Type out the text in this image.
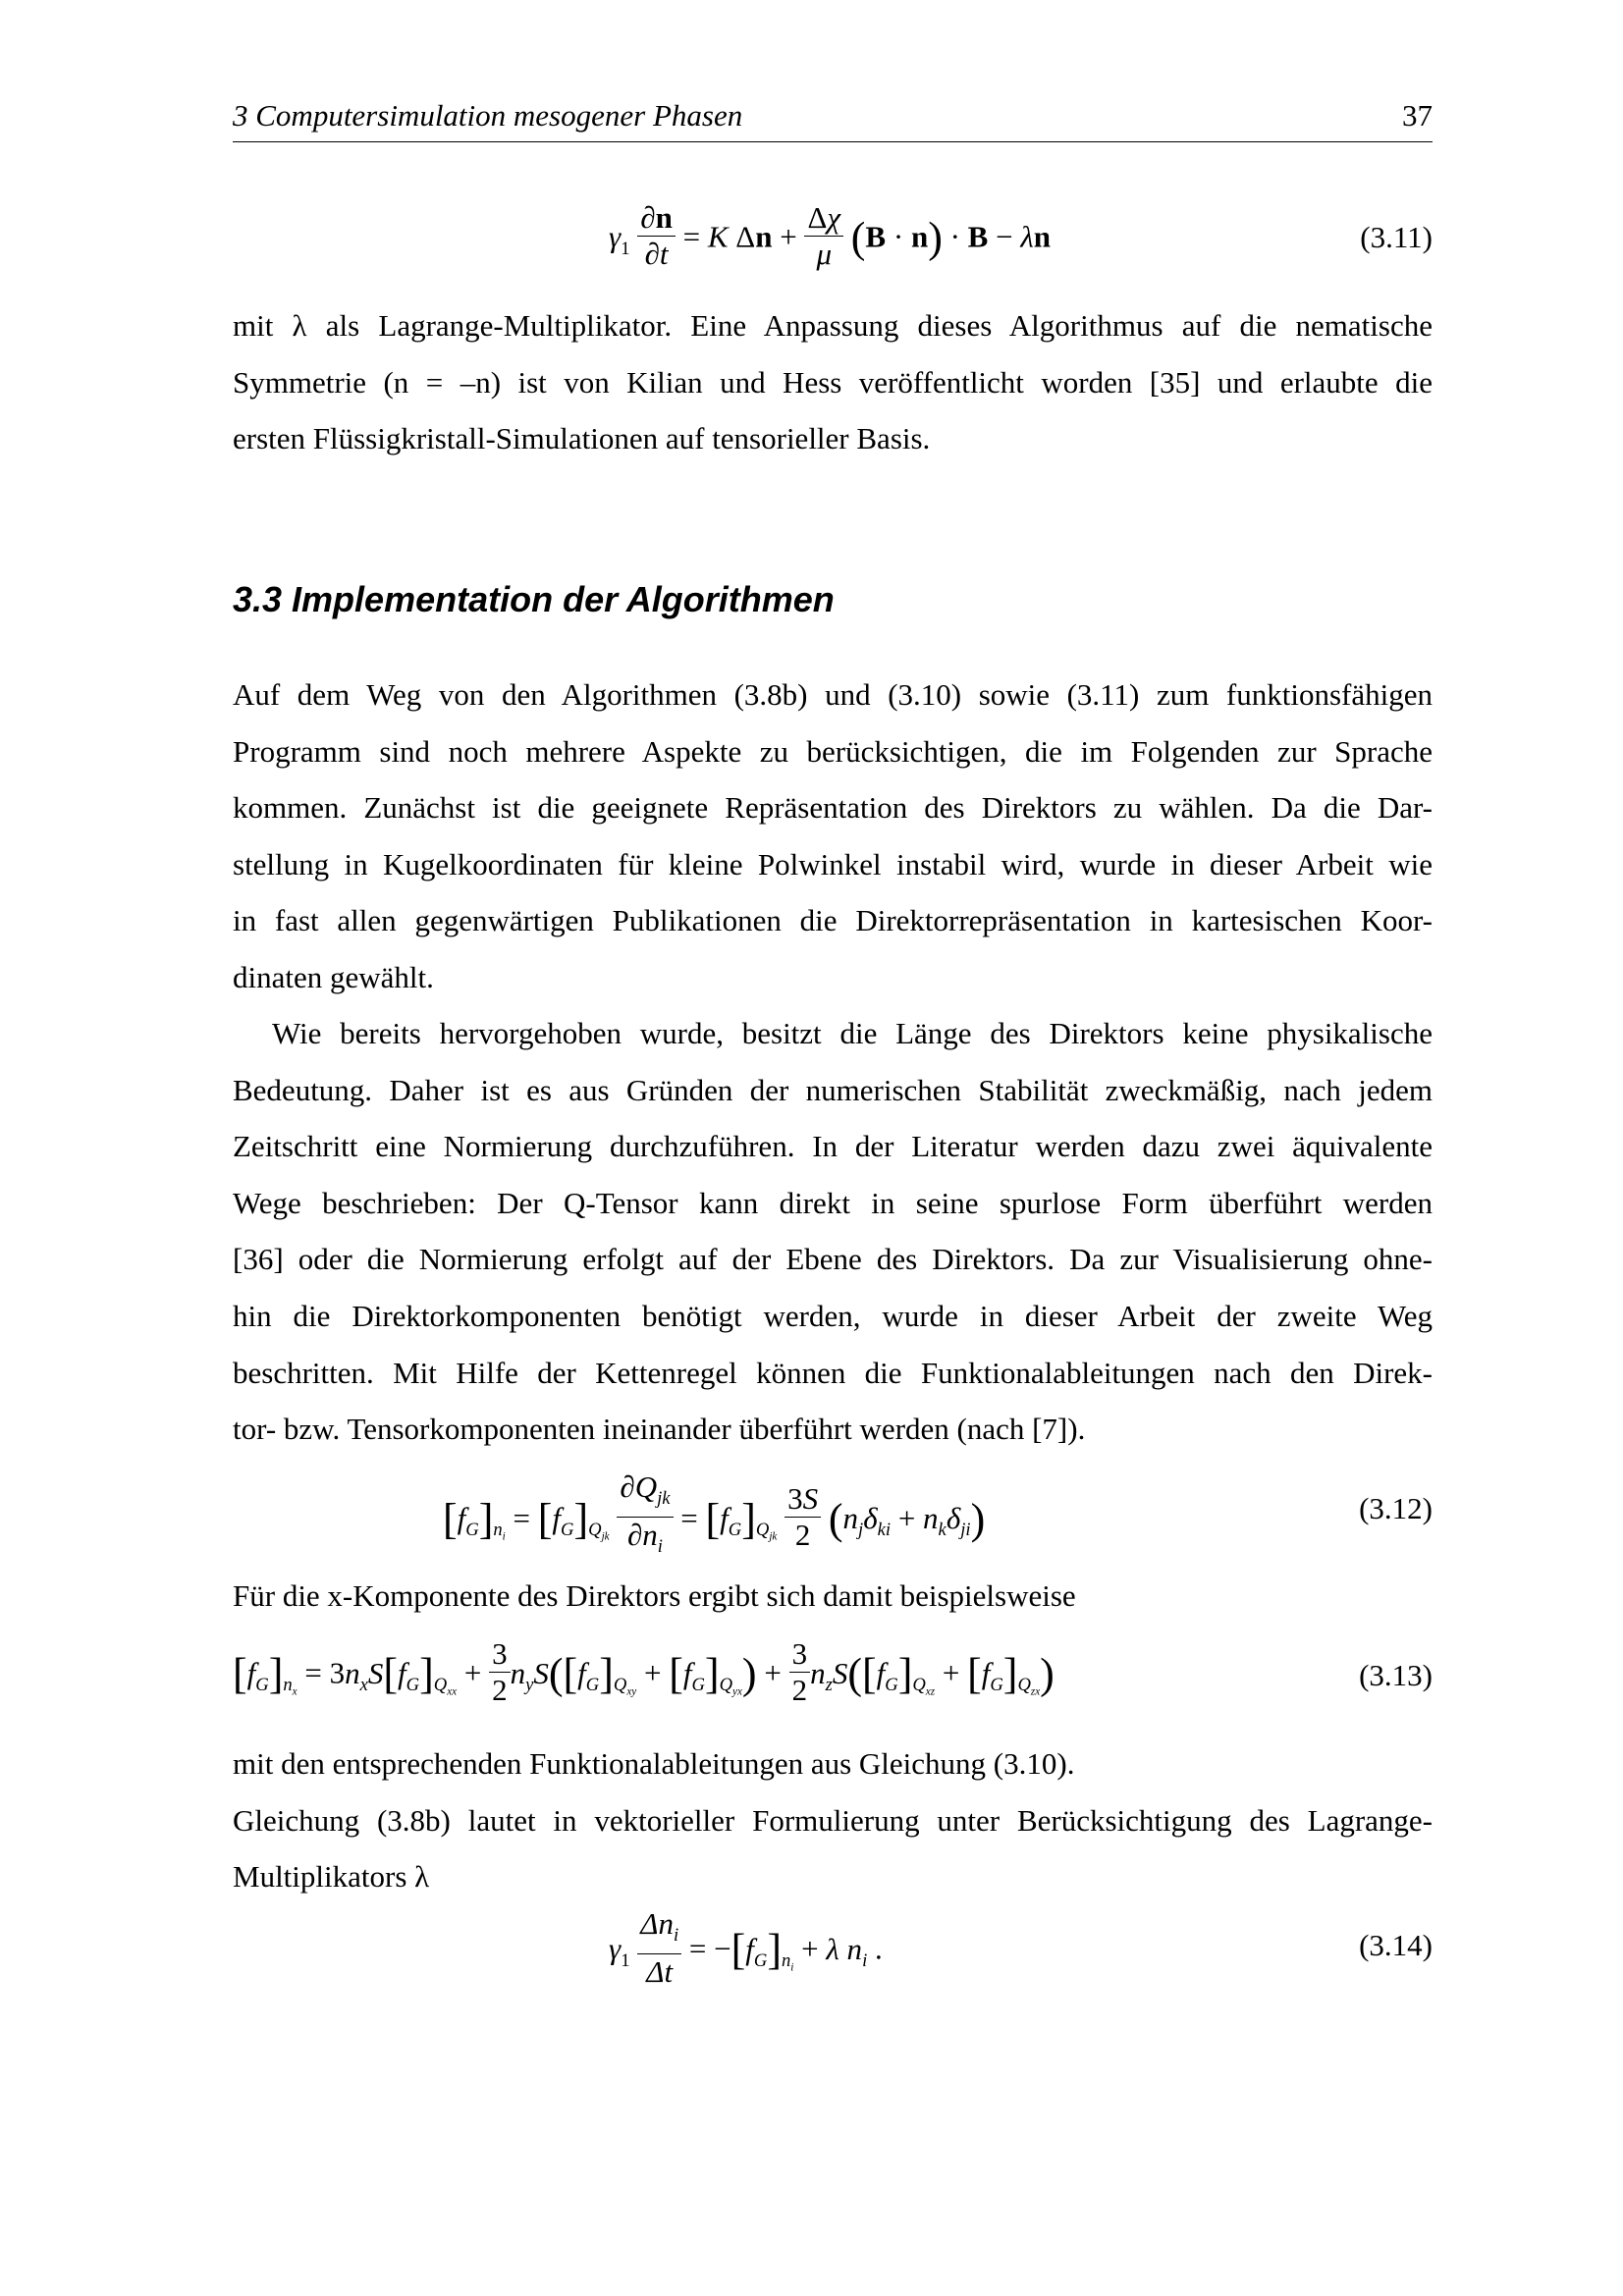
3 Computersimulation mesogener Phasen	37
$\gamma_1 \frac{\partial n}{\partial t} = K$ $\Delta n + \frac{\Delta\chi}{\mu} (B \cdot n) \cdot B - \lambda n$	(3.11)
mit λ als Lagrange-Multiplikator. Eine Anpassung dieses Algorithmus auf die nematische
Symmetrie (n = –n) ist von Kilian und Hess veröffentlicht worden [35] und erlaubte die
ersten Flüssigkristall-Simulationen auf tensorieller Basis.
3.3 Implementation der Algorithmen
Auf dem Weg von den Algorithmen (3.8b) und (3.10) sowie (3.11) zum funktionsfähigen
Programm sind noch mehrere Aspekte zu berücksichtigen, die im Folgenden zur Sprache
kommen. Zunächst ist die geeignete Repräsentation des Direktors zu wählen. Da die Dar-
stellung in Kugelkoordinaten für kleine Polwinkel instabil wird, wurde in dieser Arbeit wie
in fast allen gegenwärtigen Publikationen die Direktorrepräsentation in kartesischen Koor-
dinaten gewählt.
Wie bereits hervorgehoben wurde, besitzt die Länge des Direktors keine physikalische
Bedeutung. Daher ist es aus Gründen der numerischen Stabilität zweckmäßig, nach jedem
Zeitschritt eine Normierung durchzuführen. In der Literatur werden dazu zwei äquivalente
Wege beschrieben: Der Q-Tensor kann direkt in seine spurlose Form überführt werden
[36] oder die Normierung erfolgt auf der Ebene des Direktors. Da zur Visualisierung ohne-
hin die Direktorkomponenten benötigt werden, wurde in dieser Arbeit der zweite Weg
beschritten. Mit Hilfe der Kettenregel können die Funktionalableitungen nach den Direk-
tor- bzw. Tensorkomponenten ineinander überführt werden (nach [7]).
$[f_G]_{n_i} = [f_G]_{Q_{jk}} \frac{\partial Q_{jk}}{\partial n_i} = [f_G]_{Q_{jk}} \frac{3S}{2} (n_j\delta_{ki} + n_k\delta_{ji})$	(3.12)
Für die x-Komponente des Direktors ergibt sich damit beispielsweise
$[f_G]_{n_x} = 3n_xS[f_G]_{Q_{xx}} + \frac{3}{2} n_yS([f_G]_{Q_{xy}} + [f_G]_{Q_{yx}}) + \frac{3}{2} n_zS([f_G]_{Q_{xz}} + [f_G]_{Q_{zx}})$	(3.13)
mit den entsprechenden Funktionalableitungen aus Gleichung (3.10).
Gleichung (3.8b) lautet in vektorieller Formulierung unter Berücksichtigung des Lagrange-
Multiplikators λ
$\gamma_1 \frac{\Delta n_i}{\Delta t} = -[f_G]_{n_i} + \lambda$ $n_i$ .	(3.14)
